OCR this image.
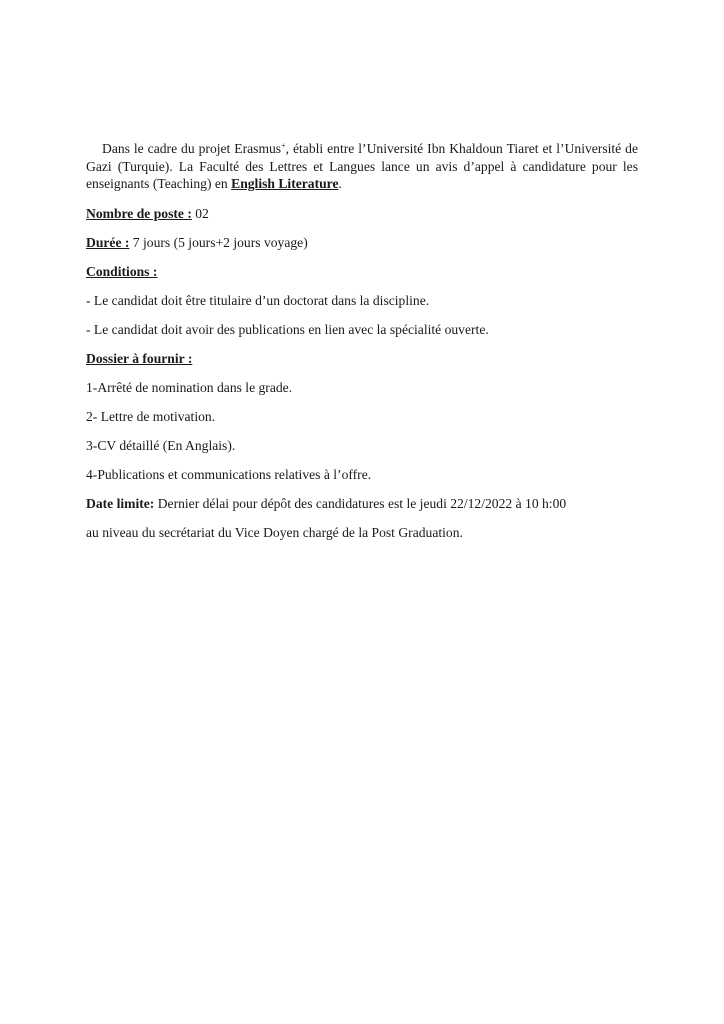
Dans le cadre du projet Erasmus+, établi entre l’Université Ibn Khaldoun Tiaret et l’Université de Gazi (Turquie). La Faculté des Lettres et Langues lance un avis d’appel à candidature pour les enseignants (Teaching) en English Literature.

Nombre de poste : 02

Durée : 7 jours (5 jours+2 jours voyage)

Conditions :

- Le candidat doit être titulaire d’un doctorat dans la discipline.

- Le candidat doit avoir des publications en lien avec la spécialité ouverte.

Dossier à fournir :

1-Arrêté de nomination dans le grade.

2- Lettre de motivation.

3-CV détaillé (En Anglais).

4-Publications et communications relatives à l’offre.

Date limite: Dernier délai pour dépôt des candidatures est le jeudi 22/12/2022 à 10 h:00

au niveau du secrétariat du Vice Doyen chargé de la Post Graduation.
